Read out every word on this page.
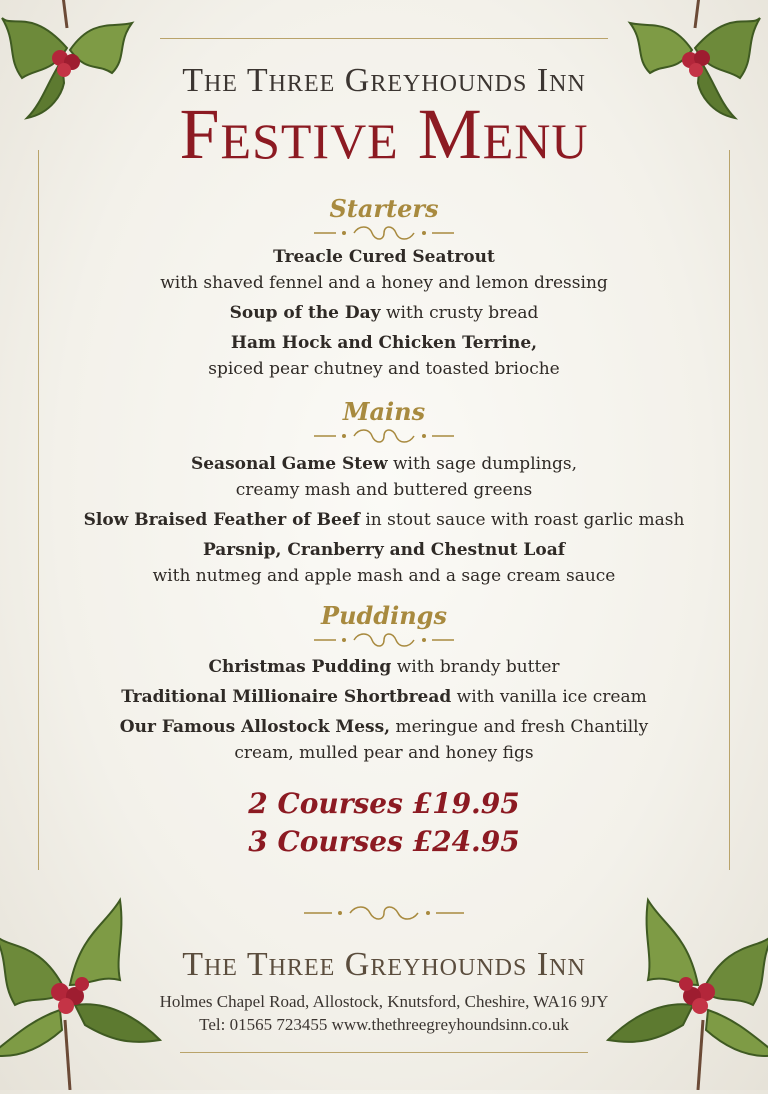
The Three Greyhounds Inn
Festive Menu
Starters
Treacle Cured Seatrout
with shaved fennel and a honey and lemon dressing
Soup of the Day with crusty bread
Ham Hock and Chicken Terrine,
spiced pear chutney and toasted brioche
Mains
Seasonal Game Stew with sage dumplings,
creamy mash and buttered greens
Slow Braised Feather of Beef in stout sauce with roast garlic mash
Parsnip, Cranberry and Chestnut Loaf
with nutmeg and apple mash and a sage cream sauce
Puddings
Christmas Pudding with brandy butter
Traditional Millionaire Shortbread with vanilla ice cream
Our Famous Allostock Mess, meringue and fresh Chantilly
cream, mulled pear and honey figs
2 Courses £19.95
3 Courses £24.95
The Three Greyhounds Inn
Holmes Chapel Road, Allostock, Knutsford, Cheshire, WA16 9JY
Tel: 01565 723455 www.thethreegreyhoundsinn.co.uk
